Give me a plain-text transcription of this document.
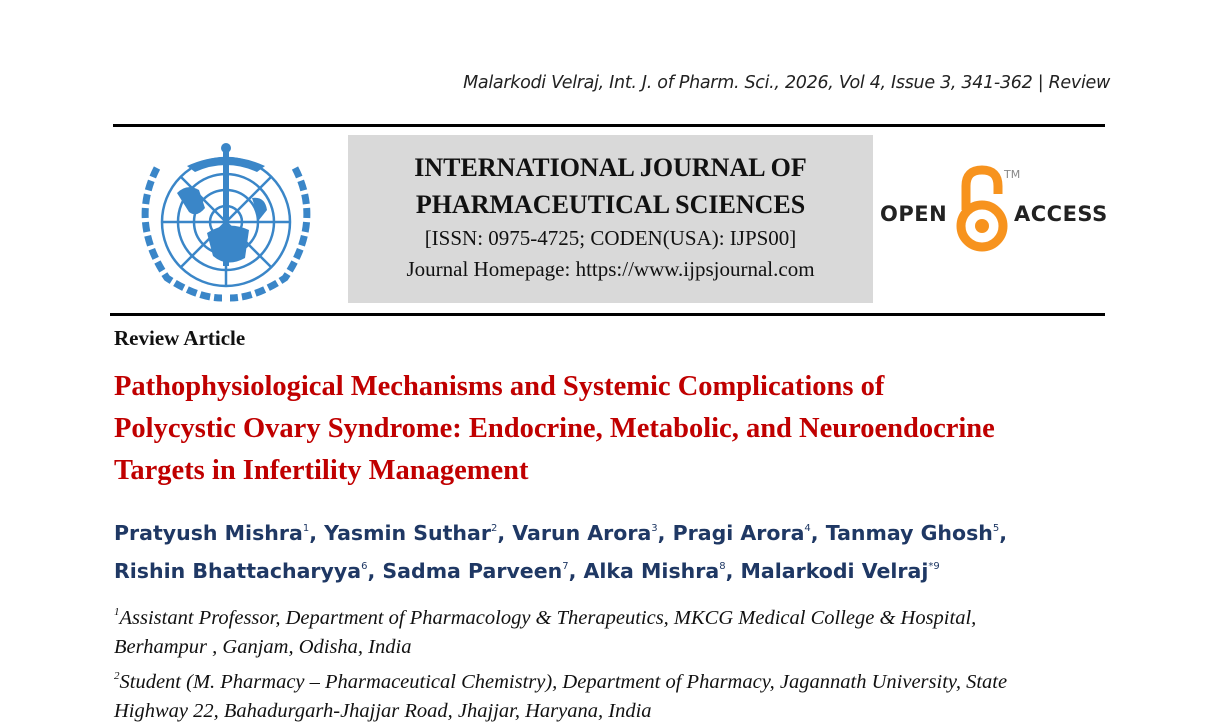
Malarkodi Velraj, Int. J. of Pharm. Sci., 2026, Vol 4, Issue 3, 341-362 | Review
INTERNATIONAL JOURNAL OF
PHARMACEUTICAL SCIENCES
[ISSN: 0975-4725; CODEN(USA): IJPS00]
Journal Homepage: https://www.ijpsjournal.com
OPEN
TM
ACCESS
Review Article
Pathophysiological Mechanisms and Systemic Complications of
Polycystic Ovary Syndrome: Endocrine, Metabolic, and Neuroendocrine
Targets in Infertility Management
Pratyush Mishra$^1$, Yasmin Suthar$^2$, Varun Arora$^3$, Pragi Arora$^4$, Tanmay Ghosh$^5$,
Rishin Bhattacharyya$^6$, Sadma Parveen$^7$, Alka Mishra$^8$, Malarkodi Velraj$^{*9}$
$^1$Assistant Professor, Department of Pharmacology & Therapeutics, MKCG Medical College & Hospital,
Berhampur , Ganjam, Odisha, India
$^2$Student (M. Pharmacy – Pharmaceutical Chemistry), Department of Pharmacy, Jagannath University, State
Highway 22, Bahadurgarh-Jhajjar Road, Jhajjar, Haryana, India
